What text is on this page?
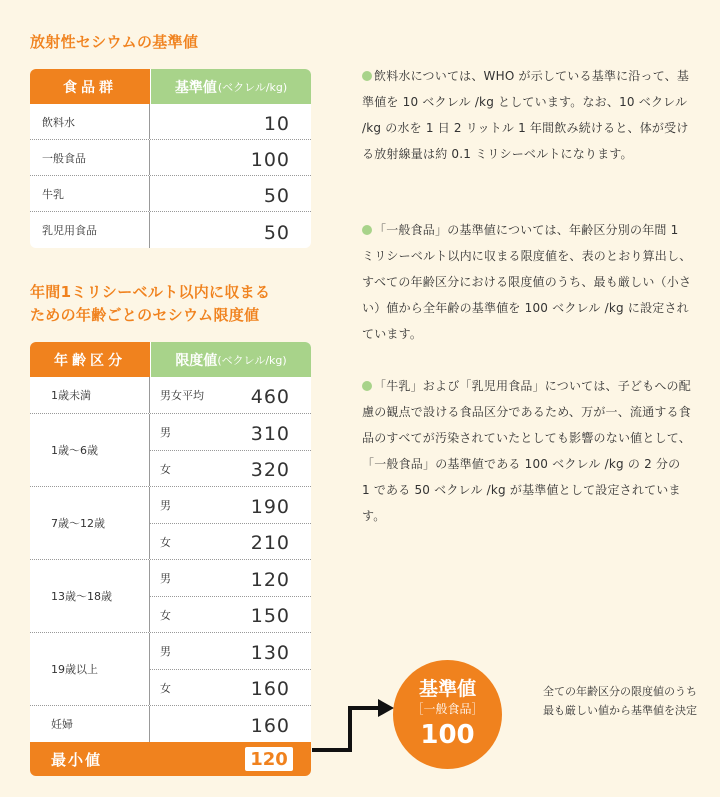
放射性セシウムの基準値
食品群	基準値 (ベクレル/kg)
飲料水	10
一般食品	100
牛乳	50
乳児用食品	50
年間1ミリシーベルト以内に収まる
ための年齢ごとのセシウム限度値
年齢区分	限度値 (ベクレル/kg)
1歳未満	男女平均	460
1歳〜6歳
男	310
女	320
7歳〜12歳
男	190
女	210
13歳〜18歳
男	120
女	150
19歳以上
男	130
女	160
妊婦	160
最小値	120
飲料水については、WHO が示している基準に沿って、基準値を 10 ベクレル /kg としています。なお、10 ベクレル /kg の水を 1 日 2 リットル 1 年間飲み続けると、体が受ける放射線量は約 0.1 ミリシーベルトになります。
「一般食品」の基準値については、年齢区分別の年間 1 ミリシーベルト以内に収まる限度値を、表のとおり算出し、すべての年齢区分における限度値のうち、最も厳しい（小さい）値から全年齢の基準値を 100 ベクレル /kg に設定されています。
「牛乳」および「乳児用食品」については、子どもへの配慮の観点で設ける食品区分であるため、万が一、流通する食品のすべてが汚染されていたとしても影響のない値として、「一般食品」の基準値である 100 ベクレル /kg の 2 分の 1 である 50 ベクレル /kg が基準値として設定されています。
基準値
［一般食品］
100
全ての年齢区分の限度値のうち最も厳しい値から基準値を決定
